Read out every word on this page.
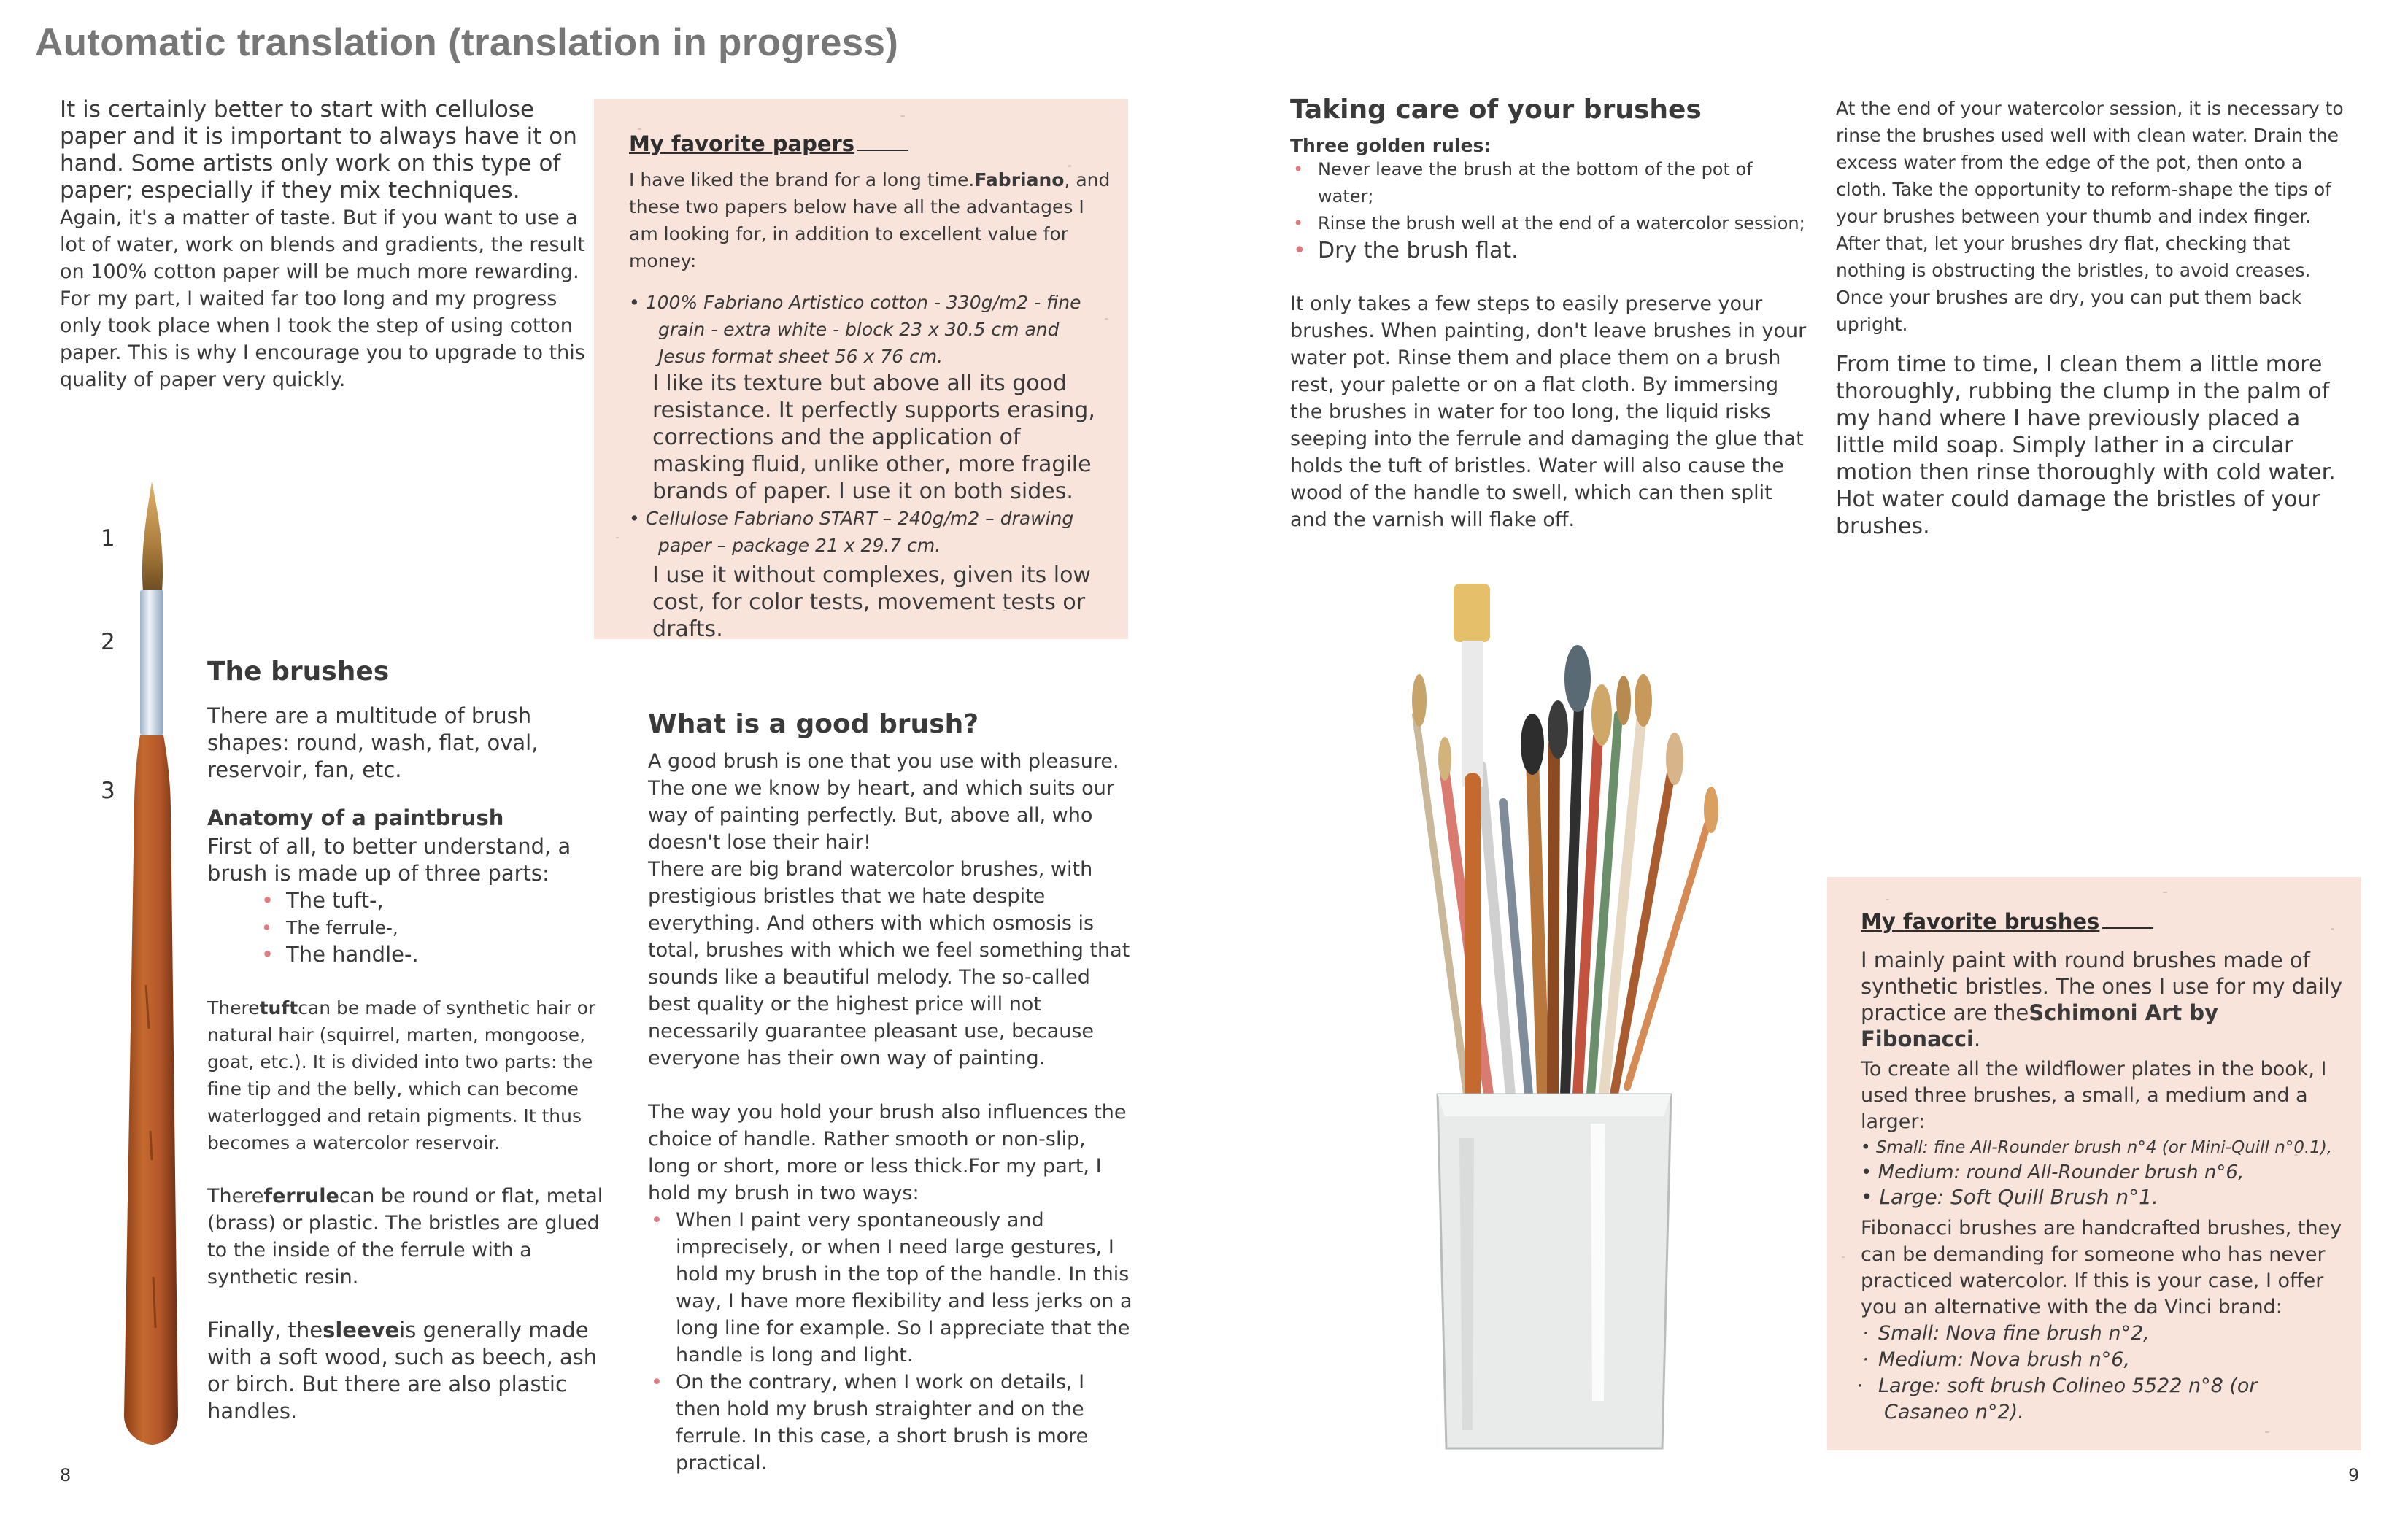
Automatic translation (translation in progress)

It is certainly better to start with cellulose paper and it is important to always have it on hand. Some artists only work on this type of paper; especially if they mix techniques.

Again, it's a matter of taste. But if you want to use a lot of water, work on blends and gradients, the result on 100% cotton paper will be much more rewarding. For my part, I waited far too long and my progress only took place when I took the step of using cotton paper. This is why I encourage you to upgrade to this quality of paper very quickly.

My favorite papers

I have liked the brand for a long time.Fabriano, and these two papers below have all the advantages I am looking for, in addition to excellent value for money:

• 100% Fabriano Artistico cotton - 330g/m2 - fine grain - extra white - block 23 x 30.5 cm and Jesus format sheet 56 x 76 cm.

I like its texture but above all its good resistance. It perfectly supports erasing, corrections and the application of masking fluid, unlike other, more fragile brands of paper. I use it on both sides.

• Cellulose Fabriano START – 240g/m2 – drawing paper – package 21 x 29.7 cm.

I use it without complexes, given its low cost, for color tests, movement tests or drafts.

1
2
3
The brushes

There are a multitude of brush shapes: round, wash, flat, oval, reservoir, fan, etc.

Anatomy of a paintbrush

First of all, to better understand, a brush is made up of three parts:

• The tuft-,
• The ferrule-,
• The handle-.

Theretuftcan be made of synthetic hair or natural hair (squirrel, marten, mongoose, goat, etc.). It is divided into two parts: the fine tip and the belly, which can become waterlogged and retain pigments. It thus becomes a watercolor reservoir.

Thereferrulecan be round or flat, metal (brass) or plastic. The bristles are glued to the inside of the ferrule with a synthetic resin.

Finally, thesleeveis generally made with a soft wood, such as beech, ash or birch. But there are also plastic handles.

What is a good brush?

A good brush is one that you use with pleasure. The one we know by heart, and which suits our way of painting perfectly. But, above all, who doesn't lose their hair!

There are big brand watercolor brushes, with prestigious bristles that we hate despite everything. And others with which osmosis is total, brushes with which we feel something that sounds like a beautiful melody. The so-called best quality or the highest price will not necessarily guarantee pleasant use, because everyone has their own way of painting.

The way you hold your brush also influences the choice of handle. Rather smooth or non-slip, long or short, more or less thick.For my part, I hold my brush in two ways:

• When I paint very spontaneously and imprecisely, or when I need large gestures, I hold my brush in the top of the handle. In this way, I have more flexibility and less jerks on a long line for example. So I appreciate that the handle is long and light.
• On the contrary, when I work on details, I then hold my brush straighter and on the ferrule. In this case, a short brush is more practical.
8
Taking care of your brushes
Three golden rules:
• Never leave the brush at the bottom of the pot of water;
• Rinse the brush well at the end of a watercolor session;
• Dry the brush flat.

It only takes a few steps to easily preserve your brushes. When painting, don't leave brushes in your water pot. Rinse them and place them on a brush rest, your palette or on a flat cloth. By immersing the brushes in water for too long, the liquid risks seeping into the ferrule and damaging the glue that holds the tuft of bristles. Water will also cause the wood of the handle to swell, which can then split and the varnish will flake off.

At the end of your watercolor session, it is necessary to rinse the brushes used well with clean water. Drain the excess water from the edge of the pot, then onto a cloth. Take the opportunity to reform-shape the tips of your brushes between your thumb and index finger. After that, let your brushes dry flat, checking that nothing is obstructing the bristles, to avoid creases. Once your brushes are dry, you can put them back upright.

From time to time, I clean them a little more thoroughly, rubbing the clump in the palm of my hand where I have previously placed a little mild soap. Simply lather in a circular motion then rinse thoroughly with cold water. Hot water could damage the bristles of your brushes.

My favorite brushes

I mainly paint with round brushes made of synthetic bristles. The ones I use for my daily practice are theSchimoni Art by Fibonacci.

To create all the wildflower plates in the book, I used three brushes, a small, a medium and a larger:

• Small: fine All-Rounder brush n°4 (or Mini-Quill n°0.1),

• Medium: round All-Rounder brush n°6,

• Large: Soft Quill Brush n°1.

Fibonacci brushes are handcrafted brushes, they can be demanding for someone who has never practiced watercolor. If this is your case, I offer you an alternative with the da Vinci brand:

· Small: Nova fine brush n°2,
· Medium: Nova brush n°6,
· Large: soft brush Colineo 5522 n°8 (or Casaneo n°2).
9
